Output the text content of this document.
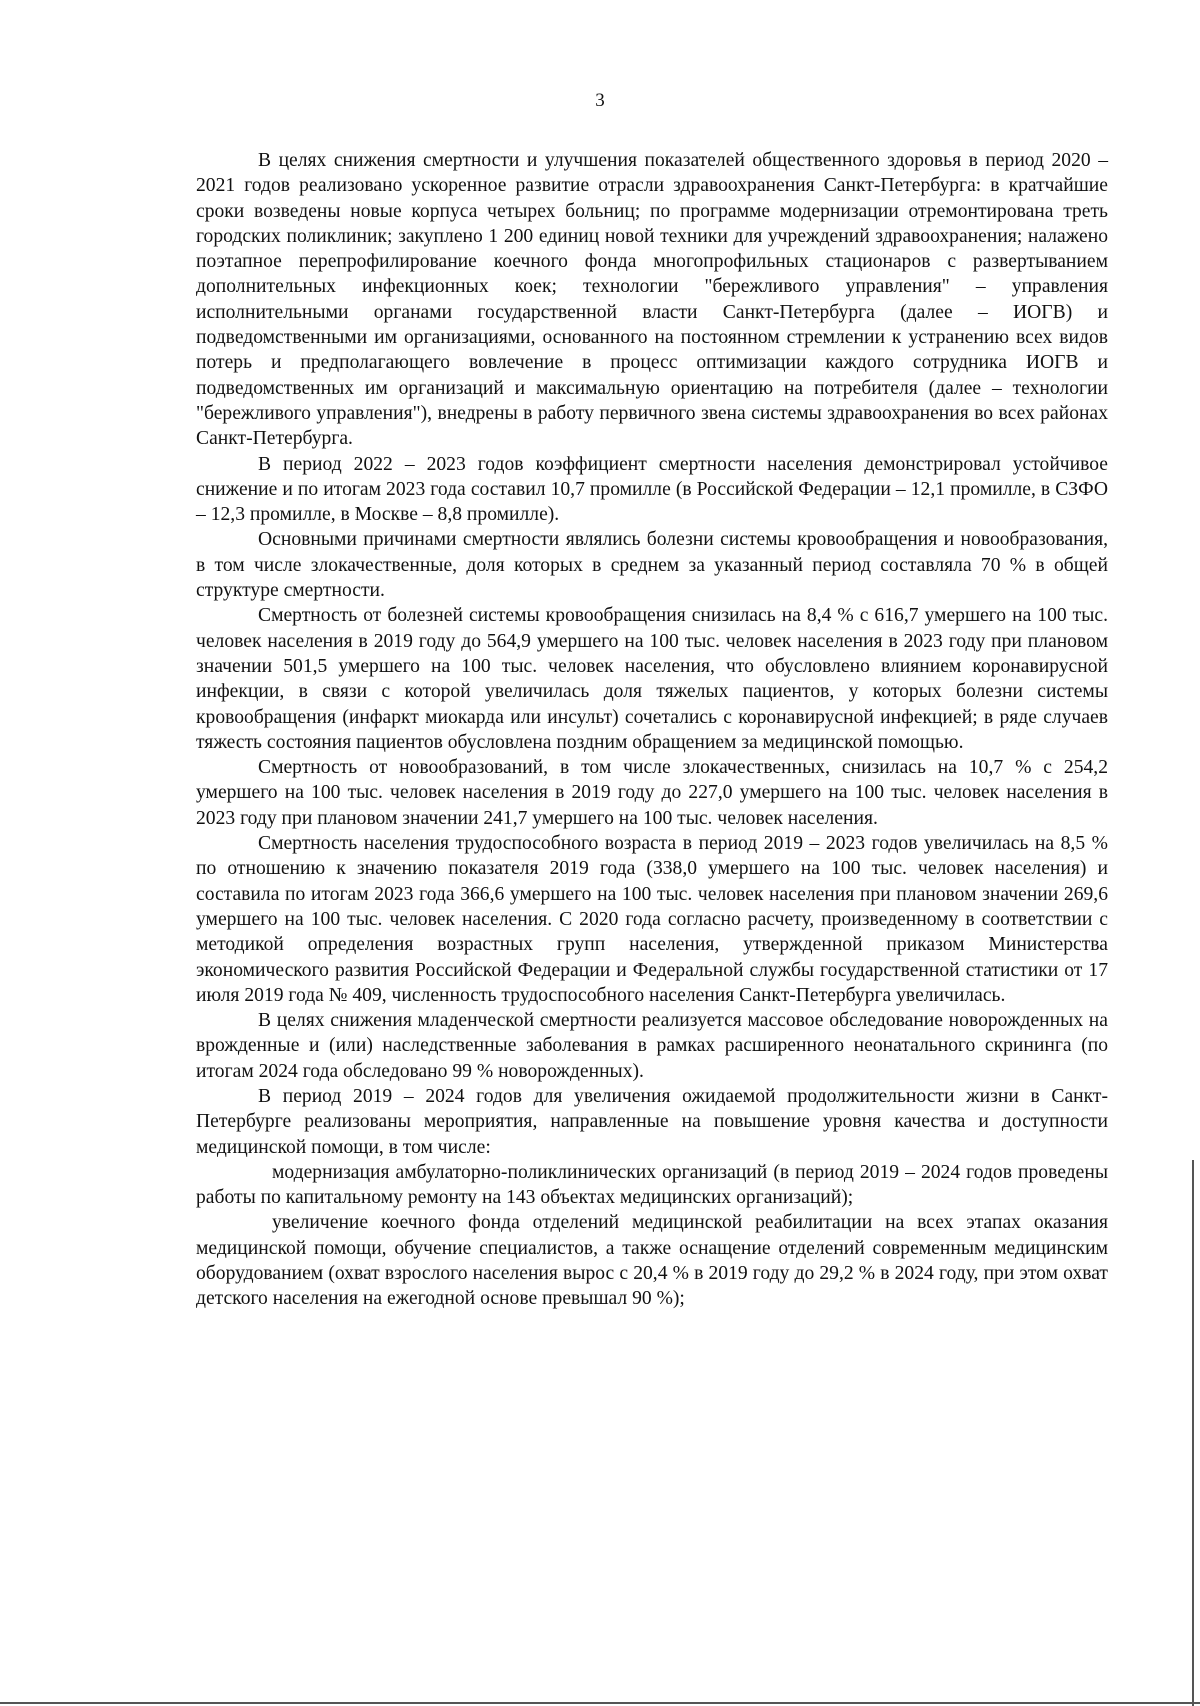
3

В целях снижения смертности и улучшения показателей общественного здоровья в период 2020 – 2021 годов реализовано ускоренное развитие отрасли здравоохранения Санкт-Петербурга: в кратчайшие сроки возведены новые корпуса четырех больниц; по программе модернизации отремонтирована треть городских поликлиник; закуплено 1 200 единиц новой техники для учреждений здравоохранения; налажено поэтапное перепрофилирование коечного фонда многопрофильных стационаров с развертыванием дополнительных инфекционных коек; технологии "бережливого управления" – управления исполнительными органами государственной власти Санкт-Петербурга (далее – ИОГВ) и подведомственными им организациями, основанного на постоянном стремлении к устранению всех видов потерь и предполагающего вовлечение в процесс оптимизации каждого сотрудника ИОГВ и подведомственных им организаций и максимальную ориентацию на потребителя (далее – технологии "бережливого управления"), внедрены в работу первичного звена системы здравоохранения во всех районах Санкт-Петербурга.

В период 2022 – 2023 годов коэффициент смертности населения демонстрировал устойчивое снижение и по итогам 2023 года составил 10,7 промилле (в Российской Федерации – 12,1 промилле, в СЗФО – 12,3 промилле, в Москве – 8,8 промилле).

Основными причинами смертности являлись болезни системы кровообращения и новообразования, в том числе злокачественные, доля которых в среднем за указанный период составляла 70 % в общей структуре смертности.

Смертность от болезней системы кровообращения снизилась на 8,4 % с 616,7 умершего на 100 тыс. человек населения в 2019 году до 564,9 умершего на 100 тыс. человек населения в 2023 году при плановом значении 501,5 умершего на 100 тыс. человек населения, что обусловлено влиянием коронавирусной инфекции, в связи с которой увеличилась доля тяжелых пациентов, у которых болезни системы кровообращения (инфаркт миокарда или инсульт) сочетались с коронавирусной инфекцией; в ряде случаев тяжесть состояния пациентов обусловлена поздним обращением за медицинской помощью.

Смертность от новообразований, в том числе злокачественных, снизилась на 10,7 % с 254,2 умершего на 100 тыс. человек населения в 2019 году до 227,0 умершего на 100 тыс. человек населения в 2023 году при плановом значении 241,7 умершего на 100 тыс. человек населения.

Смертность населения трудоспособного возраста в период 2019 – 2023 годов увеличилась на 8,5 % по отношению к значению показателя 2019 года (338,0 умершего на 100 тыс. человек населения) и составила по итогам 2023 года 366,6 умершего на 100 тыс. человек населения при плановом значении 269,6 умершего на 100 тыс. человек населения. С 2020 года согласно расчету, произведенному в соответствии с методикой определения возрастных групп населения, утвержденной приказом Министерства экономического развития Российской Федерации и Федеральной службы государственной статистики от 17 июля 2019 года № 409, численность трудоспособного населения Санкт-Петербурга увеличилась.

В целях снижения младенческой смертности реализуется массовое обследование новорожденных на врожденные и (или) наследственные заболевания в рамках расширенного неонатального скрининга (по итогам 2024 года обследовано 99 % новорожденных).

В период 2019 – 2024 годов для увеличения ожидаемой продолжительности жизни в Санкт-Петербурге реализованы мероприятия, направленные на повышение уровня качества и доступности медицинской помощи, в том числе:

модернизация амбулаторно-поликлинических организаций (в период 2019 – 2024 годов проведены работы по капитальному ремонту на 143 объектах медицинских организаций);

увеличение коечного фонда отделений медицинской реабилитации на всех этапах оказания медицинской помощи, обучение специалистов, а также оснащение отделений современным медицинским оборудованием (охват взрослого населения вырос с 20,4 % в 2019 году до 29,2 % в 2024 году, при этом охват детского населения на ежегодной основе превышал 90 %);
